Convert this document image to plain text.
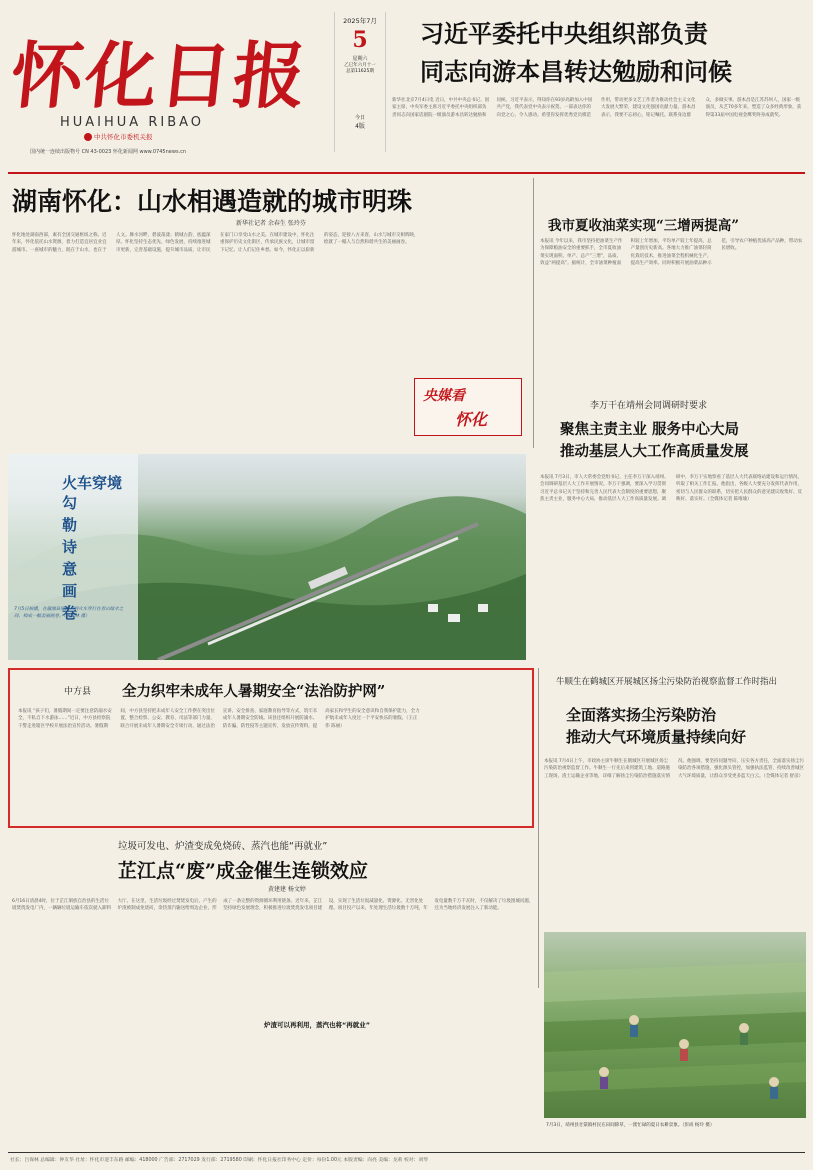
怀化日报
HUAIHUA RIBAO
中共怀化市委机关报
国内统一连续出版物号 CN 43-0023 怀化新闻网 www.0745news.cn
2025年7月
5
星期六
乙巳年六月十一
总第11625期
今日
4版
习近平委托中央组织部负责
同志向游本昌转达勉励和问候
新华社北京7月4日电 近日，中共中央总书记、国家主席、中央军委主席习近平委托中央组织部负责同志向国家话剧院一级演员游本昌转达勉励和问候。习近平表示，得知你在93岁高龄加入中国共产党，我代表党中央表示祝贺。一部表达你的向党之心，令人感动。希望你发挥优秀党员模范作用，带动更多文艺工作者为推动社会主义文化大发展大繁荣，建设文化强国贡献力量。游本昌表示，我要不忘初心，铭记嘱托。联系身边群众，多做实事。游本昌是江苏苏州人，国家一级演员，从艺70多年来，塑造了众多经典形象，获得第33届中国电视金鹰奖终身成就奖。
湖南怀化：山水相遇造就的城市明珠
新华社记者 余春生 张玲芬
怀化地处湖南西部，素有全国交通枢纽之称。近年来，怀化依托山水资源，着力打造宜居宜业宜游城市。一座城市的魅力，既在于山水，也在于人文。舞水河畔，碧波荡漾；鹤城古韵，底蕴深厚。怀化坚持生态优先、绿色发展，持续推进城市更新，完善基础设施，提升城市品质，让市民在家门口享受山水之美。在城市建设中，怀化注重保护历史文化街区，传承民族文化，让城市留下记忆、让人们记住乡愁。如今，怀化正以崭新的姿态，迎接八方来客，山水与城市交相辉映，绘就了一幅人与自然和谐共生的美丽画卷。
央媒看
怀化
我市夏收油菜实现“三增两提高”
本报讯 今年以来，我市坚持把油菜生产作为保障粮油安全的重要抓手，全市夏收油菜实现面积、单产、总产“三增”，品质、效益“两提高”。据统计，全市油菜种植面积较上年增加，平均单产较上年提高，总产量创历史新高。各地大力推广油菜轻简化栽培技术，推进油菜全程机械化生产，提高生产效率。同时积极开展油菜品种示范，引导农户种植优质高产品种，带动农民增收。
火车穿境
勾勒诗意画卷
7月5日拍摄，在溆浦县境内一列火车穿行在青山绿水之间，构成一幅美丽画卷。（黄文林 摄）
李万干在靖州会同调研时要求
聚焦主责主业 服务中心大局
推动基层人大工作高质量发展
本报讯 7月3日，市人大常委会党组书记、主任李万干深入靖州、会同调研基层人大工作开展情况。李万干强调，要深入学习贯彻习近平总书记关于坚持和完善人民代表大会制度的重要思想，聚焦主责主业，服务中心大局，推动基层人大工作高质量发展。调研中，李万干实地察看了基层人大代表联络站建设和运行情况，听取了相关工作汇报。他指出，各级人大要充分发挥代表作用，密切与人民群众的联系，切实把人民群众的意见建议收集好、反映好、落实好。（全媒体记者 陈唯瑜）
中方县 全力织牢未成年人暑期安全“法治防护网”
本报讯 “孩子们，暑假期间一定要注意防溺水安全，不私自下水游泳……”近日，中方县检察院干警走进辖区学校开展法治宣传活动。暑假期间，中方县坚持把未成年人安全工作摆在突出位置，整合检察、公安、教育、司法等部门力量，联合开展未成年人暑期安全专项行动，通过法治宣讲、安全排查、家庭教育指导等方式，筑牢未成年人暑期安全防线。该县还组织开展防溺水、防诈骗、防性侵等主题宣传，发放宣传资料，提高家长和学生的安全意识和自我保护能力，全力护航未成年人度过一个平安快乐的暑假。（王正伟 陈丽）
牛顺生在鹤城区开展城区扬尘污染防治视察监督工作时指出
全面落实扬尘污染防治
推动大气环境质量持续向好
本报讯 7月4日上午，市政协主席牛顺生在鹤城区开展城区扬尘污染防治视察监督工作。牛顺生一行先后来到建筑工地、道路施工现场、渣土运输企业等地，详细了解扬尘污染防治措施落实情况。他强调，要坚持问题导向，压实各方责任，全面落实扬尘污染防治各项措施，强化源头管控，加强执法监管，持续改善城区大气环境质量，让群众享受更多蓝天白云。（全媒体记者 舒彦）
垃圾可发电、炉渣变成免烧砖、蒸汽也能“再就业”
芷江点“废”成金催生连锁效应
黄建建 杨文婷
6月16日清晨4时，位于芷江侗族自治县的生活垃圾焚烧发电厂内，一辆辆垃圾运输车依次驶入卸料大厅。在这里，生活垃圾经过焚烧发电后，产生的炉渣被制成免烧砖，余热蒸汽输送给周边企业，形成了一条完整的资源循环利用链条。近年来，芷江坚持绿色发展理念，积极推进垃圾焚烧发电项目建设，实现了生活垃圾减量化、资源化、无害化处理。项目投产以来，年处理生活垃圾数十万吨，年发电量数千万千瓦时，不仅解决了垃圾围城问题，还为当地经济发展注入了新动能。
炉渣可以再利用，蒸汽也将“再就业”
7月3日，靖州县甘棠镇村民在田间除草，一派忙碌的夏日农耕景象。（彭尚 杨玲 摄）
社长：吕保林 总编辑：钟友华 社址：怀化市迎丰东路 邮编：418000 广告部：2717029 发行部：2719580 印刷：怀化日报社印务中心 定价：每份1.00元 本版责编：向亮 美编：龙莉 校对：刘琴
